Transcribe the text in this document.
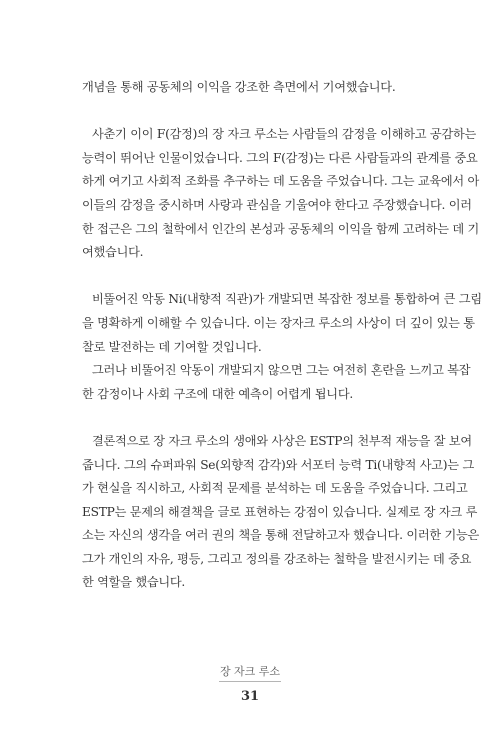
개념을 통해 공동체의 이익을 강조한 측면에서 기여했습니다.
사춘기 이이 F(감정)의 장 자크 루소는 사람들의 감정을 이해하고 공감하는
능력이 뛰어난 인물이었습니다. 그의 F(감정)는 다른 사람들과의 관계를 중요
하게 여기고 사회적 조화를 추구하는 데 도움을 주었습니다. 그는 교육에서 아
이들의 감정을 중시하며 사랑과 관심을 기울여야 한다고 주장했습니다. 이러
한 접근은 그의 철학에서 인간의 본성과 공동체의 이익을 함께 고려하는 데 기
여했습니다.
비뚤어진 악동 Ni(내향적 직관)가 개발되면 복잡한 정보를 통합하여 큰 그림
을 명확하게 이해할 수 있습니다. 이는 장자크 루소의 사상이 더 깊이 있는 통
찰로 발전하는 데 기여할 것입니다.
그러나 비뚤어진 악동이 개발되지 않으면 그는 여전히 혼란을 느끼고 복잡
한 감정이나 사회 구조에 대한 예측이 어렵게 됩니다.
결론적으로 장 자크 루소의 생애와 사상은 ESTP의 천부적 재능을 잘 보여
줍니다. 그의 슈퍼파워 Se(외향적 감각)와 서포터 능력 Ti(내향적 사고)는 그
가 현실을 직시하고, 사회적 문제를 분석하는 데 도움을 주었습니다. 그리고
ESTP는 문제의 해결책을 글로 표현하는 강점이 있습니다. 실제로 장 자크 루
소는 자신의 생각을 여러 권의 책을 통해 전달하고자 했습니다. 이러한 기능은
그가 개인의 자유, 평등, 그리고 정의를 강조하는 철학을 발전시키는 데 중요
한 역할을 했습니다.
장 자크 루소
31
